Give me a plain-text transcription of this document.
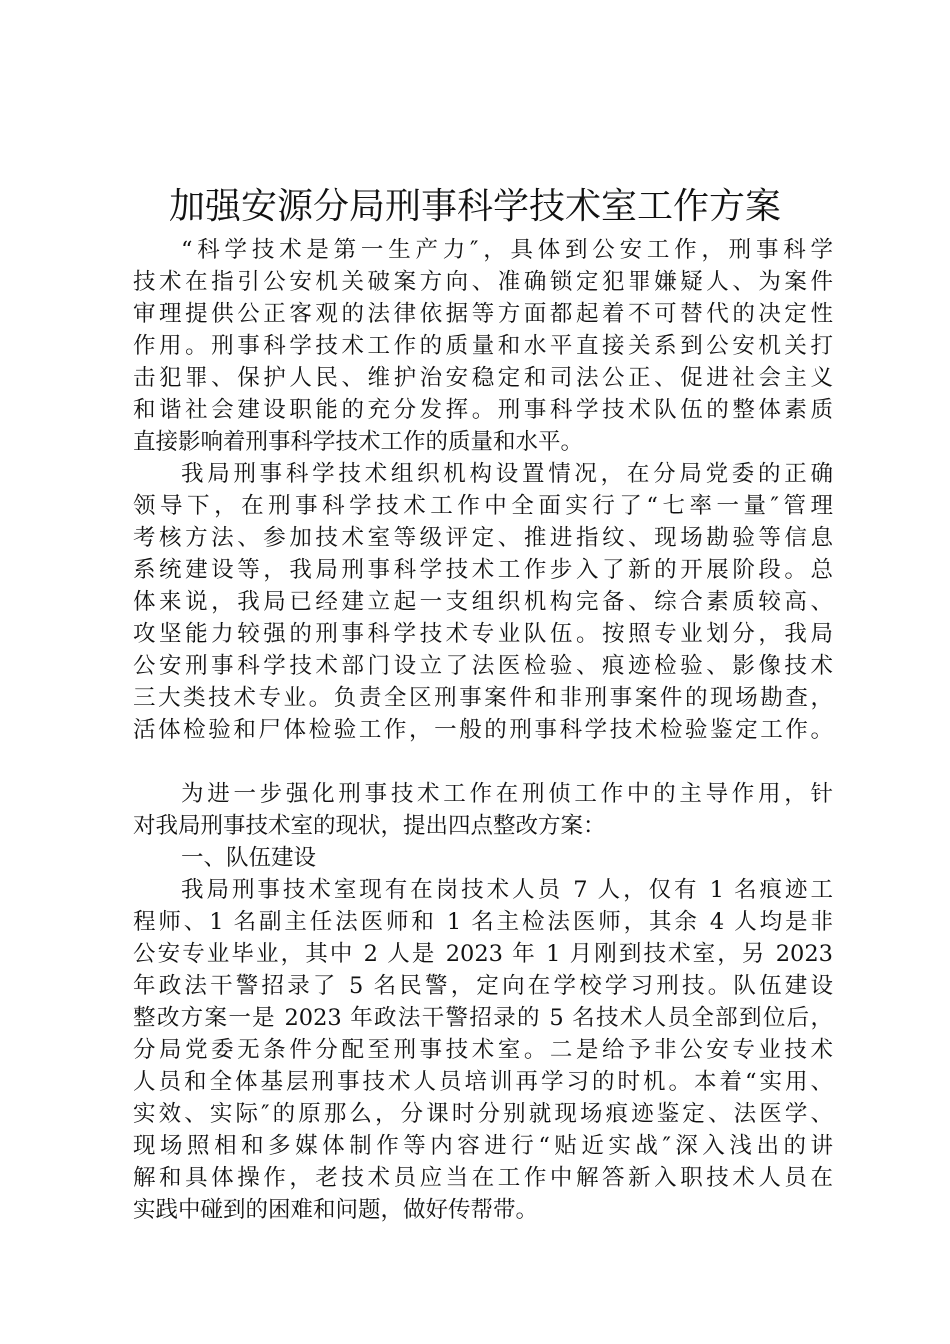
加强安源分局刑事科学技术室工作方案
“科学技术是第一生产力″，具体到公安工作，刑事科学
技术在指引公安机关破案方向、准确锁定犯罪嫌疑人、为案件
审理提供公正客观的法律依据等方面都起着不可替代的决定性
作用。刑事科学技术工作的质量和水平直接关系到公安机关打
击犯罪、保护人民、维护治安稳定和司法公正、促进社会主义
和谐社会建设职能的充分发挥。刑事科学技术队伍的整体素质
直接影响着刑事科学技术工作的质量和水平。
我局刑事科学技术组织机构设置情况，在分局党委的正确
领导下，在刑事科学技术工作中全面实行了“七率一量″管理
考核方法、参加技术室等级评定、推进指纹、现场勘验等信息
系统建设等，我局刑事科学技术工作步入了新的开展阶段。总
体来说，我局已经建立起一支组织机构完备、综合素质较高、
攻坚能力较强的刑事科学技术专业队伍。按照专业划分，我局
公安刑事科学技术部门设立了法医检验、痕迹检验、影像技术
三大类技术专业。负责全区刑事案件和非刑事案件的现场勘查，
活体检验和尸体检验工作，一般的刑事科学技术检验鉴定工作。
为进一步强化刑事技术工作在刑侦工作中的主导作用，针
对我局刑事技术室的现状，提出四点整改方案：
一、队伍建设
我局刑事技术室现有在岗技术人员 7 人，仅有 1 名痕迹工
程师、1 名副主任法医师和 1 名主检法医师，其余 4 人均是非
公安专业毕业，其中 2 人是 2023 年 1 月刚到技术室，另 2023
年政法干警招录了 5 名民警，定向在学校学习刑技。队伍建设
整改方案一是 2023 年政法干警招录的 5 名技术人员全部到位后，
分局党委无条件分配至刑事技术室。二是给予非公安专业技术
人员和全体基层刑事技术人员培训再学习的时机。本着“实用、
实效、实际″的原那么，分课时分别就现场痕迹鉴定、法医学、
现场照相和多媒体制作等内容进行“贴近实战″深入浅出的讲
解和具体操作，老技术员应当在工作中解答新入职技术人员在
实践中碰到的困难和问题，做好传帮带。
